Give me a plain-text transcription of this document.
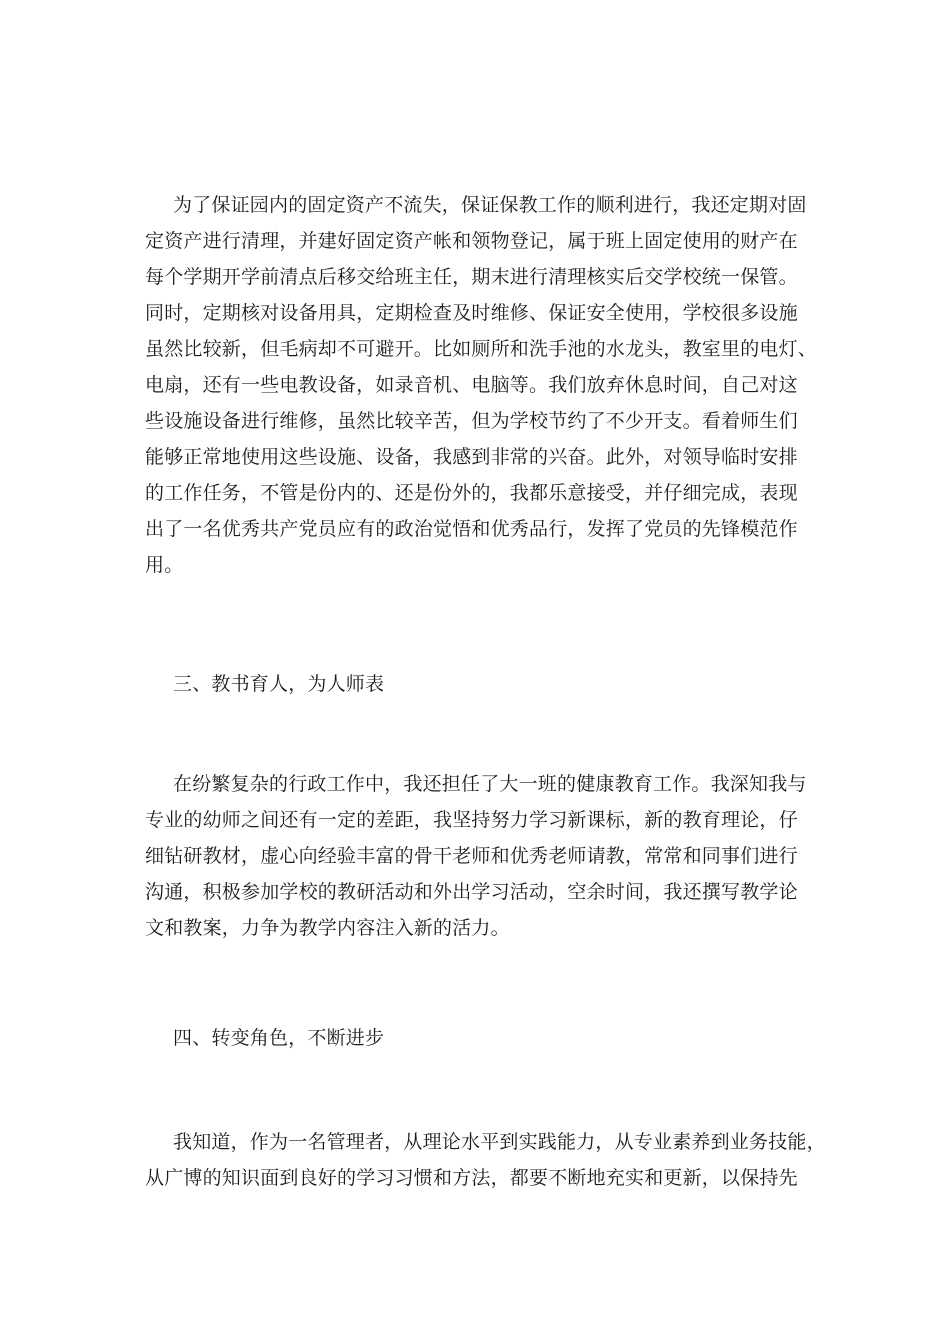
为了保证园内的固定资产不流失，保证保教工作的顺利进行，我还定期对固
定资产进行清理，并建好固定资产帐和领物登记，属于班上固定使用的财产在
每个学期开学前清点后移交给班主任，期末进行清理核实后交学校统一保管。
同时，定期核对设备用具，定期检查及时维修、保证安全使用，学校很多设施
虽然比较新，但毛病却不可避开。比如厕所和洗手池的水龙头，教室里的电灯、
电扇，还有一些电教设备，如录音机、电脑等。我们放弃休息时间，自己对这
些设施设备进行维修，虽然比较辛苦，但为学校节约了不少开支。看着师生们
能够正常地使用这些设施、设备，我感到非常的兴奋。此外，对领导临时安排
的工作任务，不管是份内的、还是份外的，我都乐意接受，并仔细完成，表现
出了一名优秀共产党员应有的政治觉悟和优秀品行，发挥了党员的先锋模范作
用。
三、教书育人，为人师表
在纷繁复杂的行政工作中，我还担任了大一班的健康教育工作。我深知我与
专业的幼师之间还有一定的差距，我坚持努力学习新课标，新的教育理论，仔
细钻研教材，虚心向经验丰富的骨干老师和优秀老师请教，常常和同事们进行
沟通，积极参加学校的教研活动和外出学习活动，空余时间，我还撰写教学论
文和教案，力争为教学内容注入新的活力。
四、转变角色，不断进步
我知道，作为一名管理者，从理论水平到实践能力，从专业素养到业务技能，
从广博的知识面到良好的学习习惯和方法，都要不断地充实和更新，以保持先
